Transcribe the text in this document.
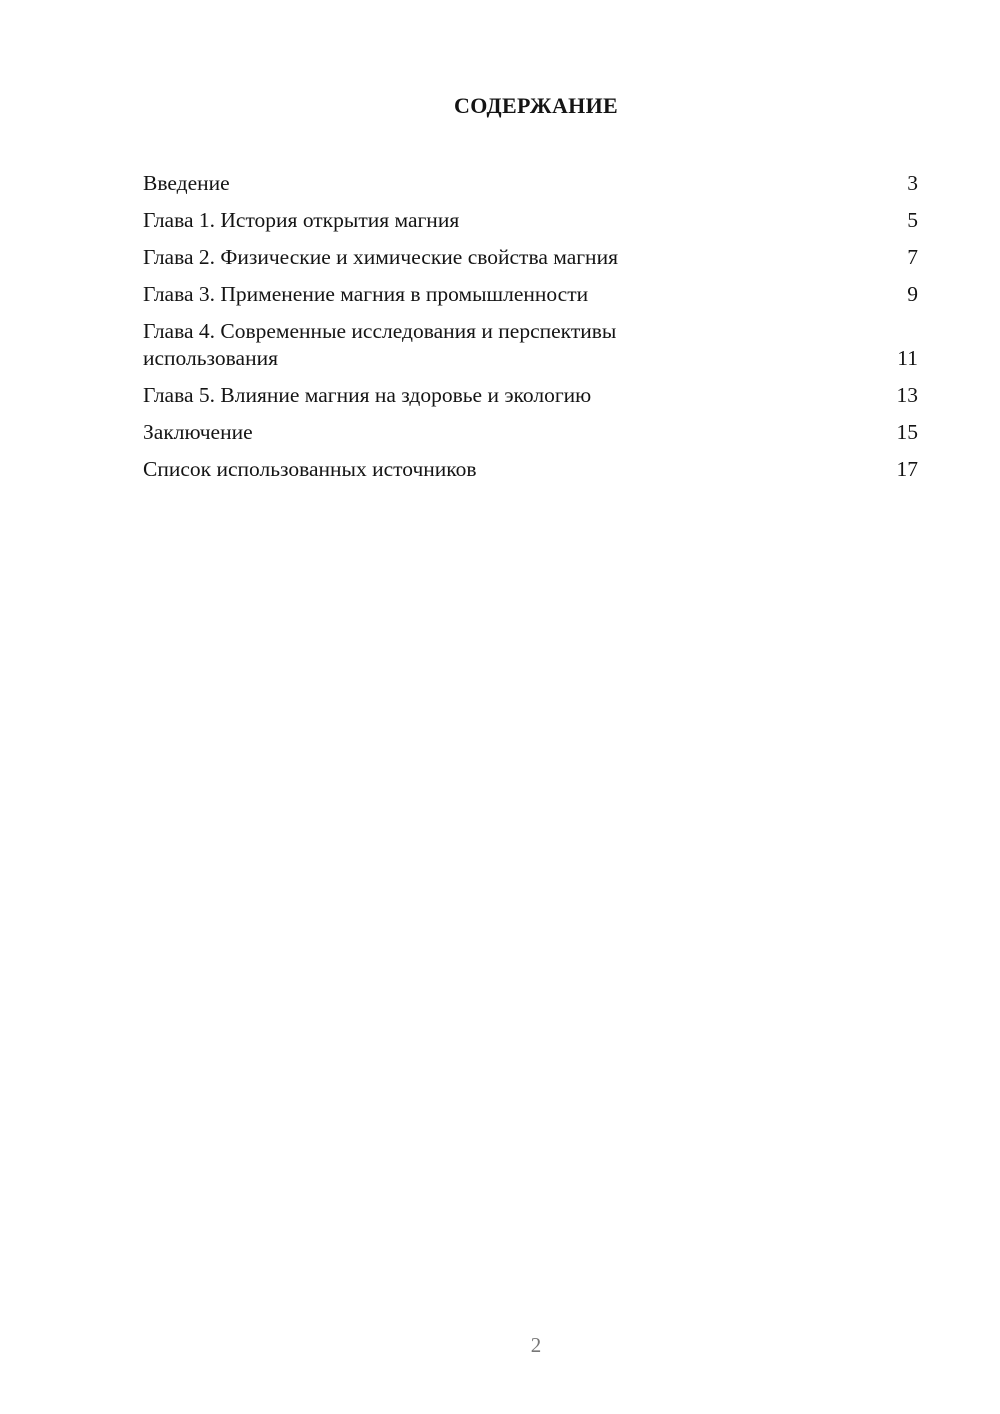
СОДЕРЖАНИЕ
Введение	3
Глава 1. История открытия магния	5
Глава 2. Физические и химические свойства магния	7
Глава 3. Применение магния в промышленности	9
Глава 4. Современные исследования и перспективы использования	11
Глава 5. Влияние магния на здоровье и экологию	13
Заключение	15
Список использованных источников	17
2
